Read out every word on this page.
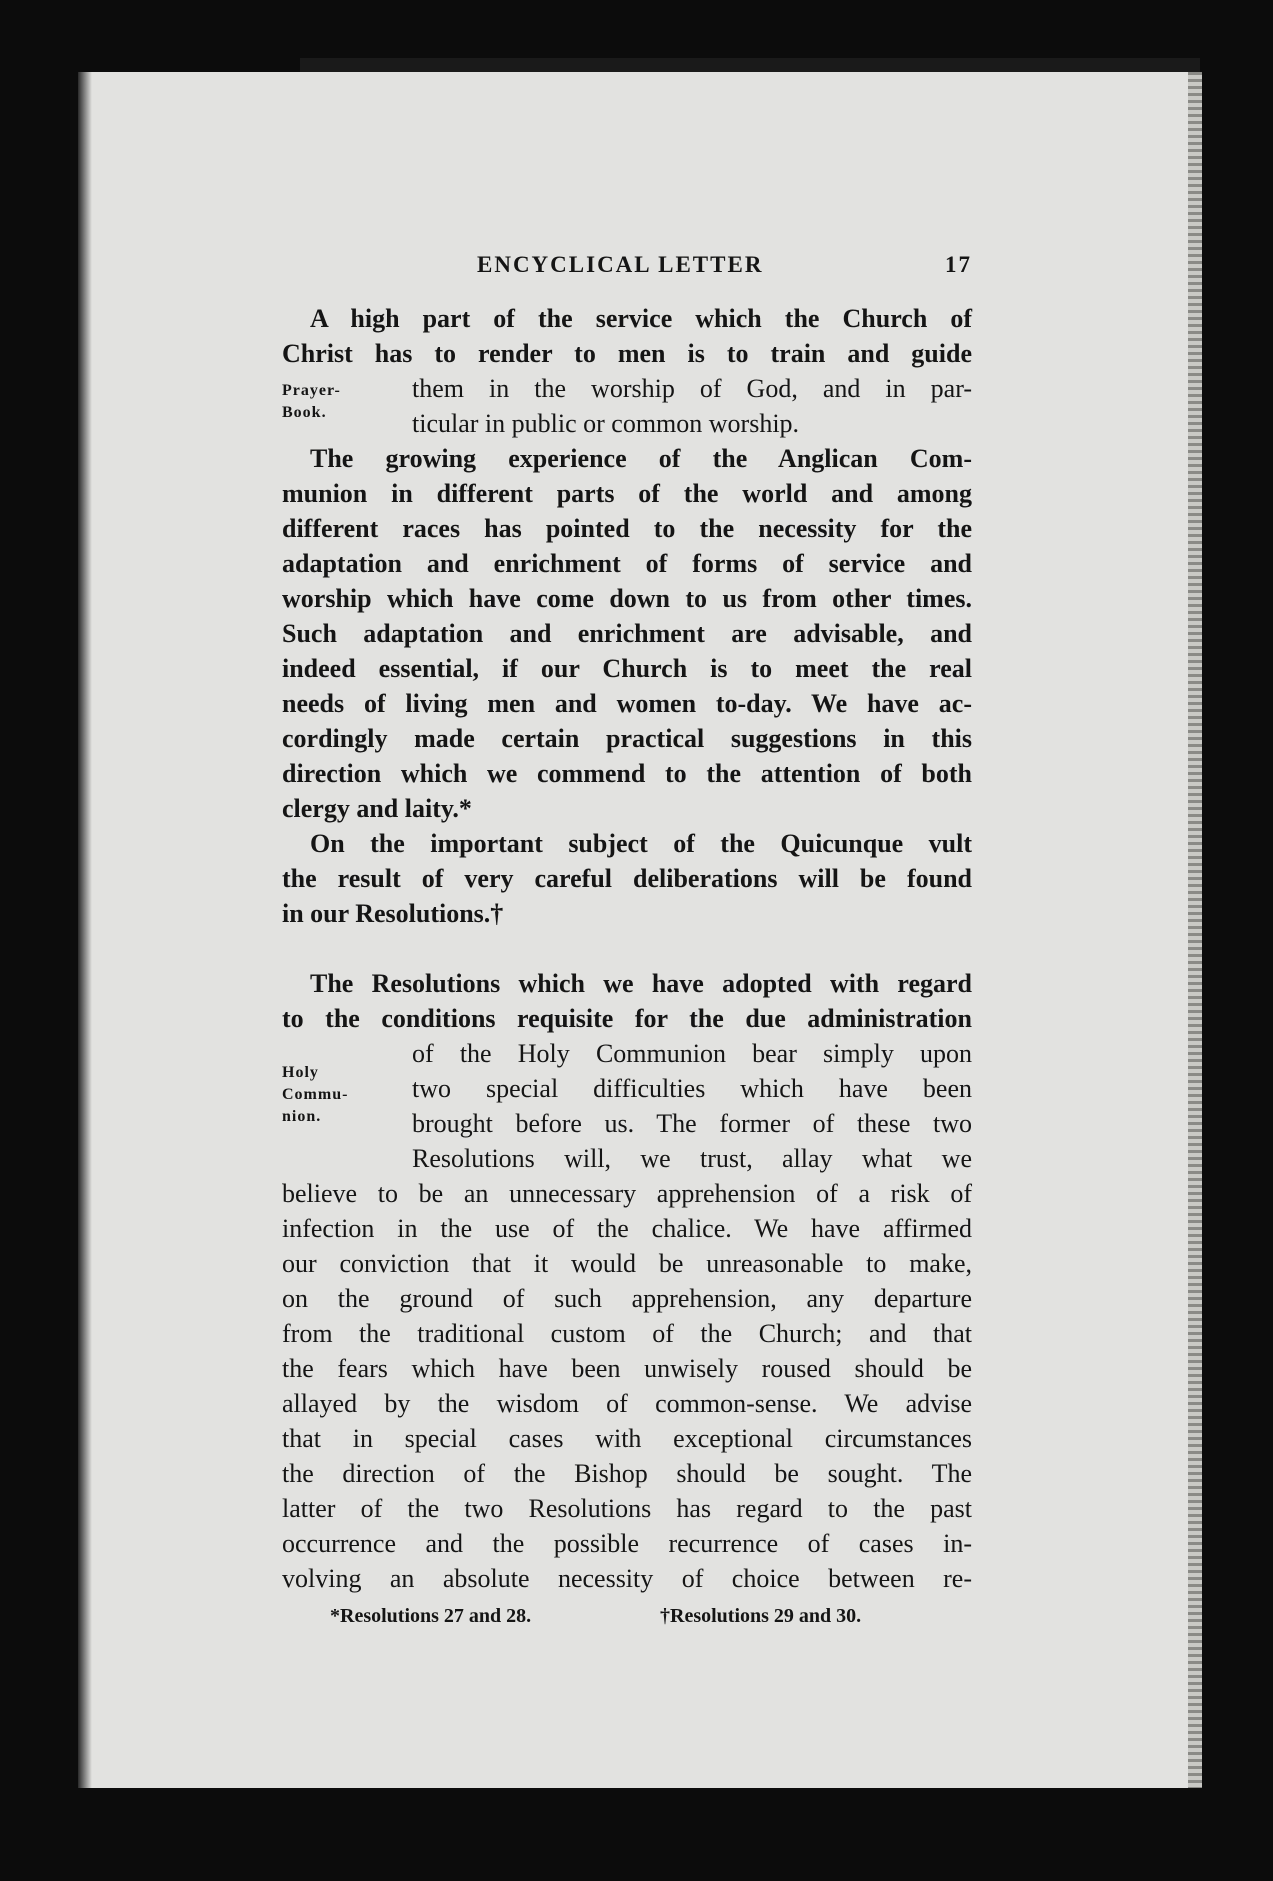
ENCYCLICAL LETTER	17
Prayer-
Book.
Holy
Commu-
nion.
A high part of the service which the Church of
Christ has to render to men is to train and guide
them in the worship of God, and in par-
ticular in public or common worship.
The growing experience of the Anglican Com-
munion in different parts of the world and among
different races has pointed to the necessity for the
adaptation and enrichment of forms of service and
worship which have come down to us from other times.
Such adaptation and enrichment are advisable, and
indeed essential, if our Church is to meet the real
needs of living men and women to-day. We have ac-
cordingly made certain practical suggestions in this
direction which we commend to the attention of both
clergy and laity.*
On the important subject of the Quicunque vult
the result of very careful deliberations will be found
in our Resolutions.†
The Resolutions which we have adopted with regard
to the conditions requisite for the due administration
of the Holy Communion bear simply upon
two special difficulties which have been
brought before us. The former of these two
Resolutions will, we trust, allay what we
believe to be an unnecessary apprehension of a risk of
infection in the use of the chalice. We have affirmed
our conviction that it would be unreasonable to make,
on the ground of such apprehension, any departure
from the traditional custom of the Church; and that
the fears which have been unwisely roused should be
allayed by the wisdom of common-sense. We advise
that in special cases with exceptional circumstances
the direction of the Bishop should be sought. The
latter of the two Resolutions has regard to the past
occurrence and the possible recurrence of cases in-
volving an absolute necessity of choice between re-
*Resolutions 27 and 28.	†Resolutions 29 and 30.
